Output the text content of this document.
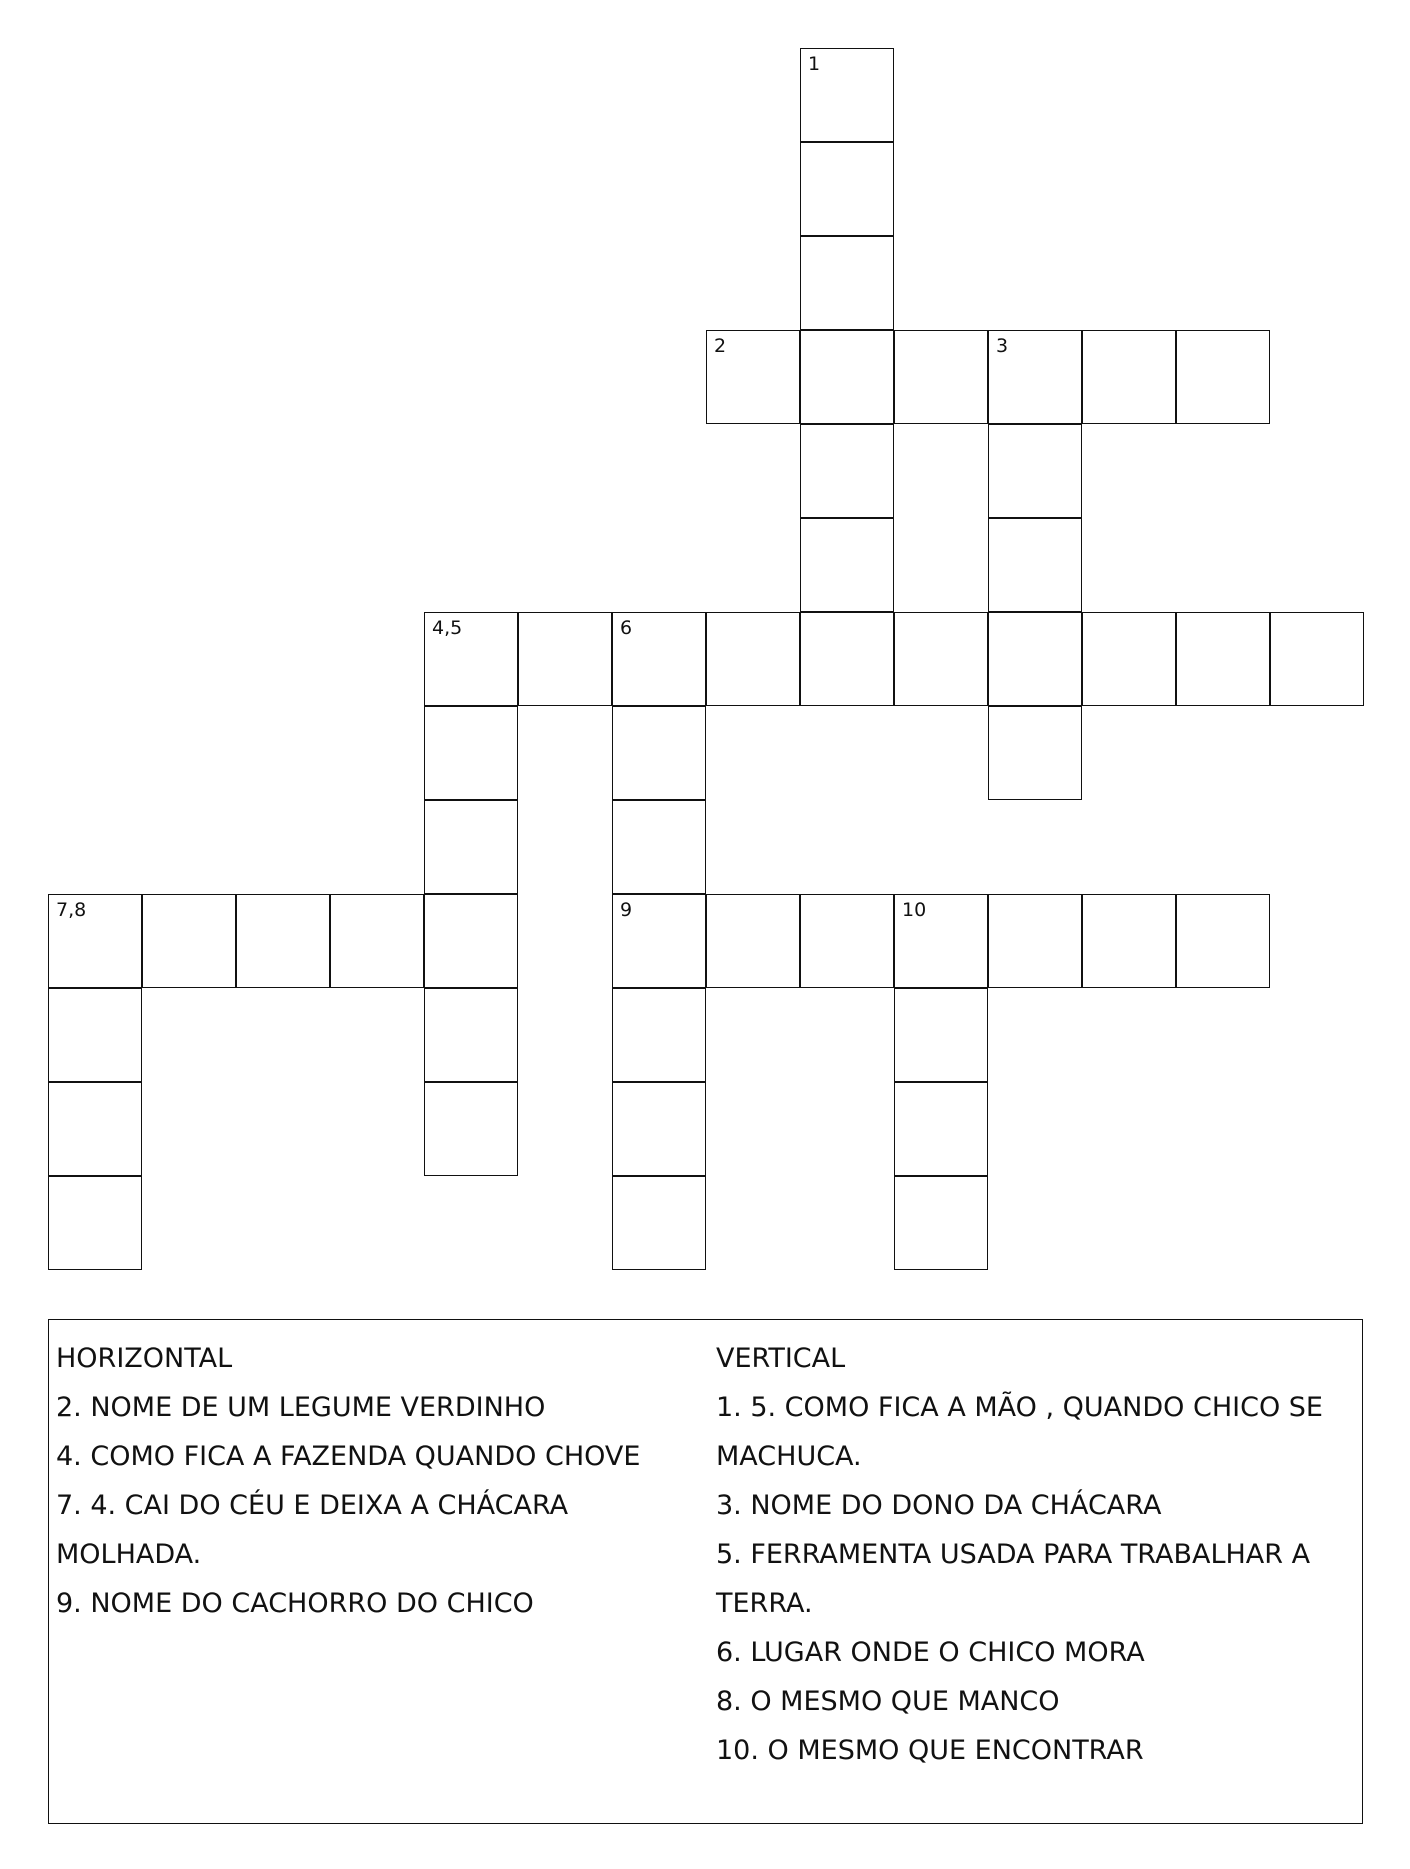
1
2	3
4,5	6
7,8	9	10
HORIZONTAL
2. NOME DE UM LEGUME VERDINHO
4. COMO FICA A FAZENDA QUANDO CHOVE
7. 4. CAI DO CÉU E DEIXA A CHÁCARA
MOLHADA.
9. NOME DO CACHORRO DO CHICO
VERTICAL
1. 5. COMO FICA A MÃO , QUANDO CHICO SE
MACHUCA.
3. NOME DO DONO DA CHÁCARA
5. FERRAMENTA USADA PARA TRABALHAR A
TERRA.
6. LUGAR ONDE O CHICO MORA
8. O MESMO QUE MANCO
10. O MESMO QUE ENCONTRAR
